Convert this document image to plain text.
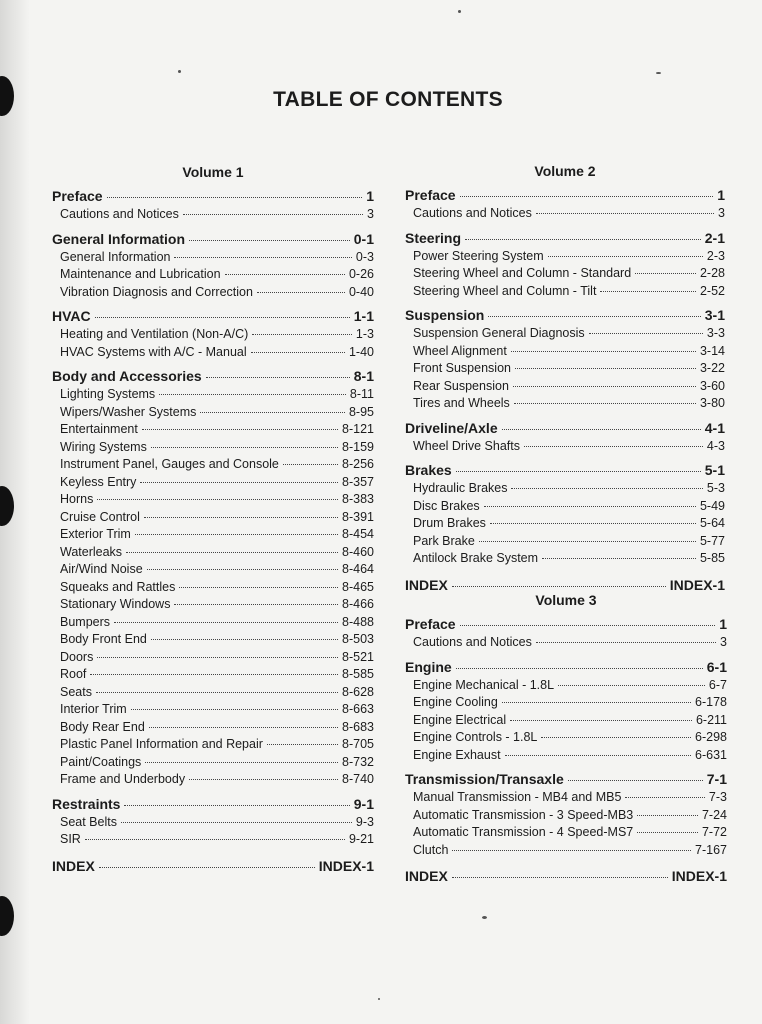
TABLE OF CONTENTS
Volume 1
Preface	1
Cautions and Notices	3
General Information	0-1
General Information	0-3
Maintenance and Lubrication	0-26
Vibration Diagnosis and Correction	0-40
HVAC	1-1
Heating and Ventilation (Non-A/C)	1-3
HVAC Systems with A/C - Manual	1-40
Body and Accessories	8-1
Lighting Systems	8-11
Wipers/Washer Systems	8-95
Entertainment	8-121
Wiring Systems	8-159
Instrument Panel, Gauges and Console	8-256
Keyless Entry	8-357
Horns	8-383
Cruise Control	8-391
Exterior Trim	8-454
Waterleaks	8-460
Air/Wind Noise	8-464
Squeaks and Rattles	8-465
Stationary Windows	8-466
Bumpers	8-488
Body Front End	8-503
Doors	8-521
Roof	8-585
Seats	8-628
Interior Trim	8-663
Body Rear End	8-683
Plastic Panel Information and Repair	8-705
Paint/Coatings	8-732
Frame and Underbody	8-740
Restraints	9-1
Seat Belts	9-3
SIR	9-21
INDEX	INDEX-1
Volume 2
Preface	1
Cautions and Notices	3
Steering	2-1
Power Steering System	2-3
Steering Wheel and Column - Standard	2-28
Steering Wheel and Column - Tilt	2-52
Suspension	3-1
Suspension General Diagnosis	3-3
Wheel Alignment	3-14
Front Suspension	3-22
Rear Suspension	3-60
Tires and Wheels	3-80
Driveline/Axle	4-1
Wheel Drive Shafts	4-3
Brakes	5-1
Hydraulic Brakes	5-3
Disc Brakes	5-49
Drum Brakes	5-64
Park Brake	5-77
Antilock Brake System	5-85
INDEX	INDEX-1
Volume 3
Preface	1
Cautions and Notices	3
Engine	6-1
Engine Mechanical - 1.8L	6-7
Engine Cooling	6-178
Engine Electrical	6-211
Engine Controls - 1.8L	6-298
Engine Exhaust	6-631
Transmission/Transaxle	7-1
Manual Transmission - MB4 and MB5	7-3
Automatic Transmission - 3 Speed-MB3	7-24
Automatic Transmission - 4 Speed-MS7	7-72
Clutch	7-167
INDEX	INDEX-1
